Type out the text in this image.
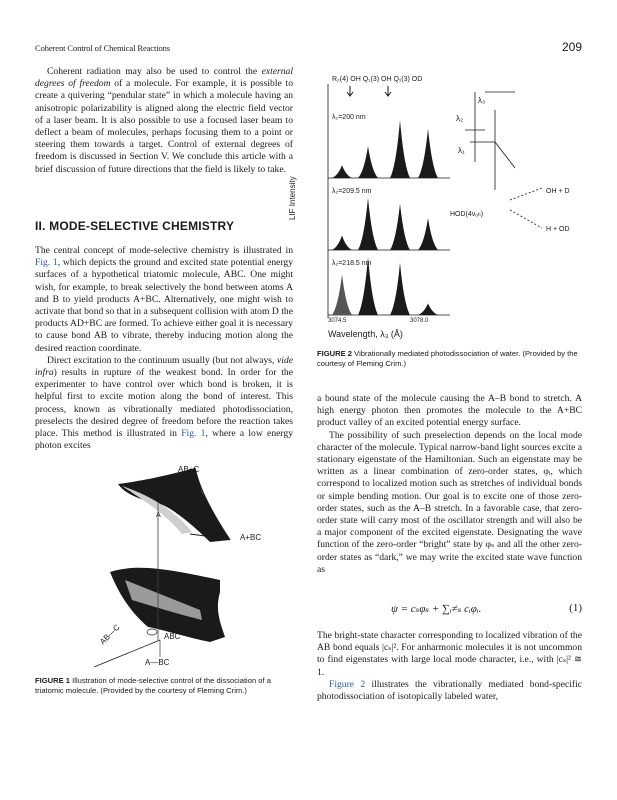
Coherent Control of Chemical Reactions	209

Coherent radiation may also be used to control the external degrees of freedom of a molecule. For example, it is possible to create a quivering “pendular state” in which a molecule having an anisotropic polarizability is aligned along the electric field vector of a laser beam. It is also possible to use a focused laser beam to deflect a beam of molecules, perhaps focusing them to a point or steering them towards a target. Control of external degrees of freedom is discussed in Section V. We conclude this article with a brief discussion of future directions that the field is likely to take.

II. MODE-SELECTIVE CHEMISTRY

The central concept of mode-selective chemistry is illustrated in Fig. 1, which depicts the ground and excited state potential energy surfaces of a hypothetical triatomic molecule, ABC. One might wish, for example, to break selectively the bond between atoms A and B to yield products A+BC. Alternatively, one might wish to activate that bond so that in a subsequent collision with atom D the products AD+BC are formed. To achieve either goal it is necessary to cause bond AB to vibrate, thereby inducing motion along the desired reaction coordinate.

Direct excitation to the continuum usually (but not always, vide infra) results in rupture of the weakest bond. In order for the experimenter to have control over which bond is broken, it is helpful first to excite motion along the bond of interest. This process, known as vibrationally mediated photodissociation, preselects the desired degree of freedom before the reaction takes place. This method is illustrated in Fig. 1, where a low energy photon excites

AB+C
A+BC
A
ABC
AB—C
A—BC
FIGURE 1 Illustration of mode-selective control of the dissociation of a triatomic molecule. (Provided by the courtesy of Fleming Crim.)
R₂(4) OH Q₁(3) OH Q₁(3) OD
LIF Intensity
λ₂=200 nm
λ₂=209.5 nm
λ₂=218.5 nm
3074.5	3078.0
Wavelength, λ₃ (Å)
λ₃
λ₂
λ₁
HOD(4νₒₕ)
OH + D
H + OD
FIGURE 2 Vibrationally mediated photodissociation of water. (Provided by the courtesy of Fleming Crim.)

a bound state of the molecule causing the A–B bond to stretch. A high energy photon then promotes the molecule to the A+BC product valley of an excited potential energy surface.

The possibility of such preselection depends on the local mode character of the molecule. Typical narrow-band light sources excite a stationary eigenstate of the Hamiltonian. Such an eigenstate may be written as a linear combination of zero-order states, φᵢ, which correspond to localized motion such as stretches of individual bonds or simple bending motion. Our goal is to excite one of those zero-order states, such as the A–B stretch. In a favorable case, that zero-order state will carry most of the oscillator strength and will also be a major component of the excited eigenstate. Designating the wave function of the zero-order “bright” state by φₛ and all the other zero-order states as “dark,” we may write the excited state wave function as

ψ = cₛφₛ + ∑ᵢ≠ₛ cᵢφᵢ.	(1)

The bright-state character corresponding to localized vibration of the AB bond equals |cₛ|². For anharmonic molecules it is not uncommon to find eigenstates with large local mode character, i.e., with |cₛ|² ≅ 1.

Figure 2 illustrates the vibrationally mediated bond-specific photodissociation of isotopically labeled water,
